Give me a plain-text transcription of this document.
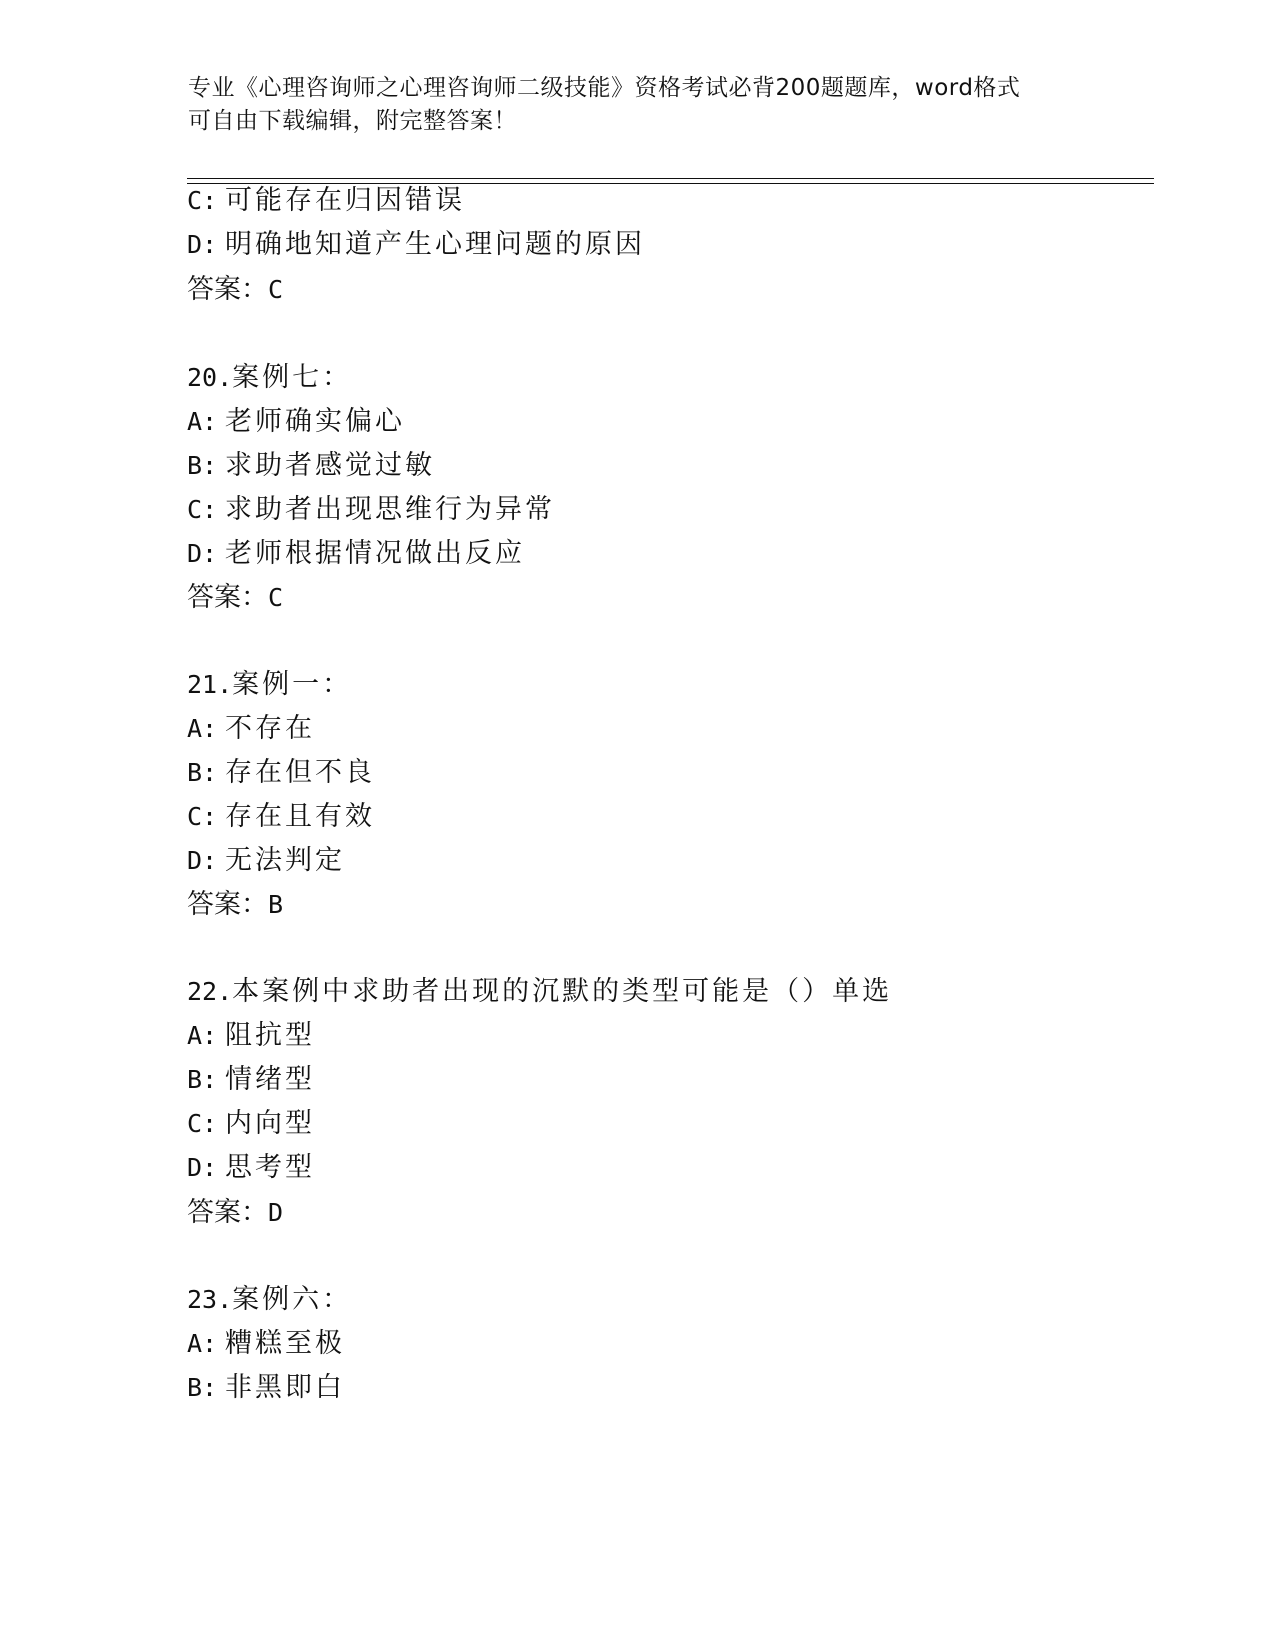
专业《心理咨询师之心理咨询师二级技能》资格考试必背200题题库，word格式
可自由下载编辑，附完整答案！
C: 可能存在归因错误
D: 明确地知道产生心理问题的原因
答案：C
20.案例七：
A: 老师确实偏心
B: 求助者感觉过敏
C: 求助者出现思维行为异常
D: 老师根据情况做出反应
答案：C
21.案例一：
A: 不存在
B: 存在但不良
C: 存在且有效
D: 无法判定
答案：B
22.本案例中求助者出现的沉默的类型可能是（）单选
A: 阻抗型
B: 情绪型
C: 内向型
D: 思考型
答案：D
23.案例六：
A: 糟糕至极
B: 非黑即白
